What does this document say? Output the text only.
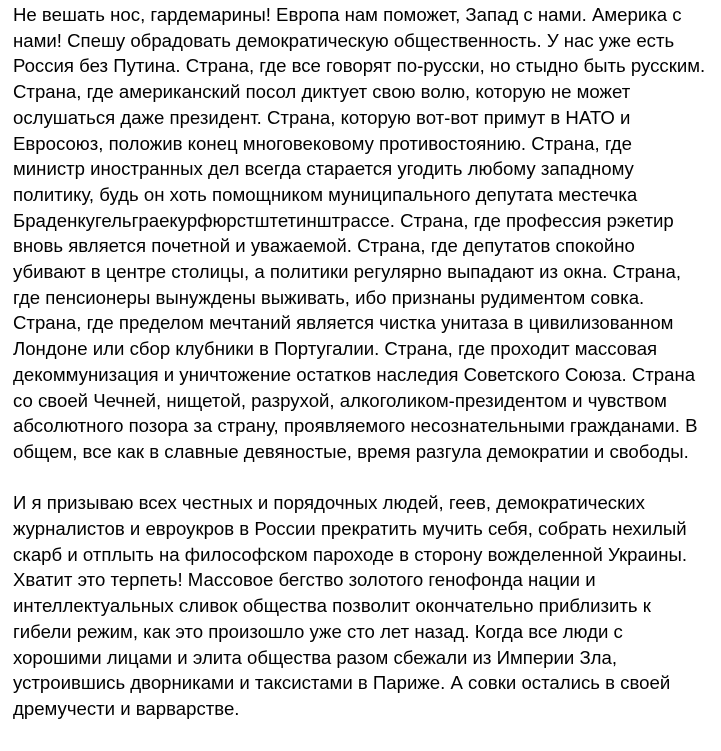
Не вешать нос, гардемарины! Европа нам поможет, Запад с нами. Америка с
нами! Спешу обрадовать демократическую общественность. У нас уже есть
Россия без Путина. Страна, где все говорят по-русски, но стыдно быть русским.
Страна, где американский посол диктует свою волю, которую не может
ослушаться даже президент. Страна, которую вот-вот примут в НАТО и
Евросоюз, положив конец многовековому противостоянию. Страна, где
министр иностранных дел всегда старается угодить любому западному
политику, будь он хоть помощником муниципального депутата местечка
Браденкугельграекурфюрстштетинштрассе. Страна, где профессия рэкетир
вновь является почетной и уважаемой. Страна, где депутатов спокойно
убивают в центре столицы, а политики регулярно выпадают из окна. Страна,
где пенсионеры вынуждены выживать, ибо признаны рудиментом совка.
Страна, где пределом мечтаний является чистка унитаза в цивилизованном
Лондоне или сбор клубники в Португалии. Страна, где проходит массовая
декоммунизация и уничтожение остатков наследия Советского Союза. Страна
со своей Чечней, нищетой, разрухой, алкоголиком-президентом и чувством
абсолютного позора за страну, проявляемого несознательными гражданами. В
общем, все как в славные девяностые, время разгула демократии и свободы.
И я призываю всех честных и порядочных людей, геев, демократических
журналистов и евроукров в России прекратить мучить себя, собрать нехилый
скарб и отплыть на философском пароходе в сторону вожделенной Украины.
Хватит это терпеть! Массовое бегство золотого генофонда нации и
интеллектуальных сливок общества позволит окончательно приблизить к
гибели режим, как это произошло уже сто лет назад. Когда все люди с
хорошими лицами и элита общества разом сбежали из Империи Зла,
устроившись дворниками и таксистами в Париже. А совки остались в своей
дремучести и варварстве.
